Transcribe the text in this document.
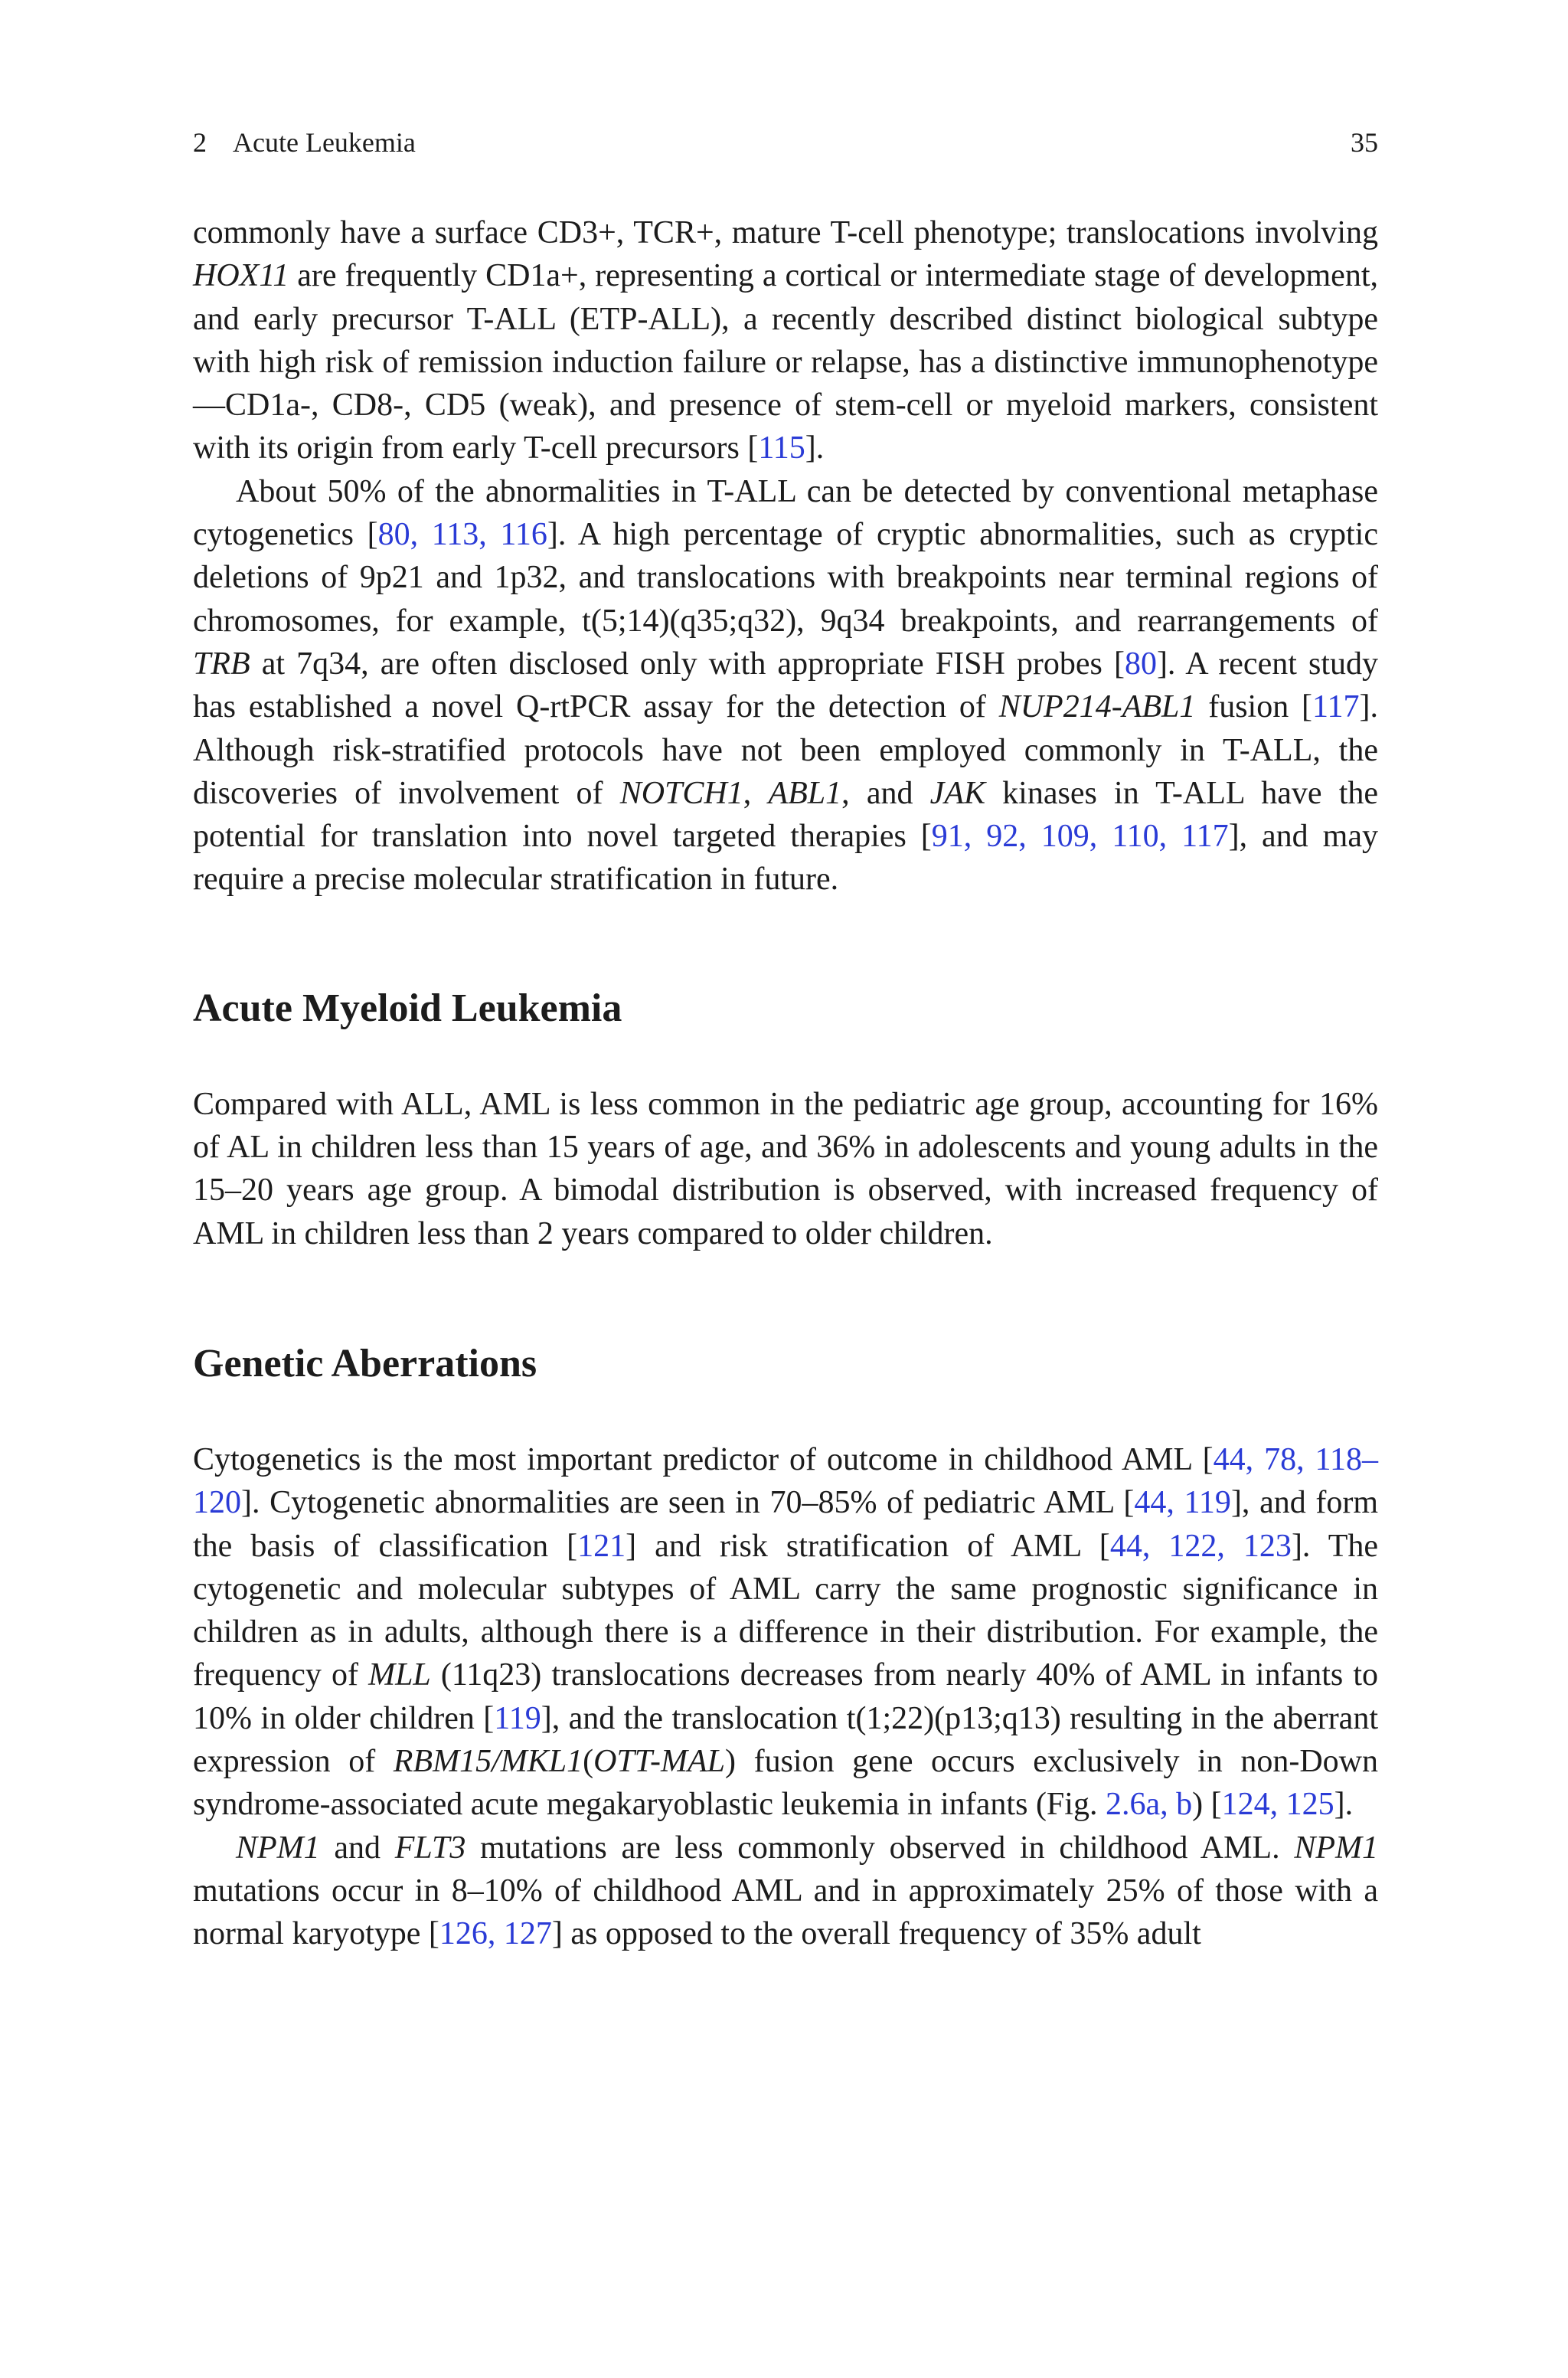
2 Acute Leukemia	35

commonly have a surface CD3+, TCR+, mature T-cell phenotype; translocations involving HOX11 are frequently CD1a+, representing a cortical or intermediate stage of development, and early precursor T-ALL (ETP-ALL), a recently described distinct biological subtype with high risk of remission induction failure or relapse, has a distinctive immunophenotype—CD1a-, CD8-, CD5 (weak), and presence of stem-cell or myeloid markers, consistent with its origin from early T-cell precursors [115].

About 50% of the abnormalities in T-ALL can be detected by conventional metaphase cytogenetics [80, 113, 116]. A high percentage of cryptic abnormalities, such as cryptic deletions of 9p21 and 1p32, and translocations with breakpoints near terminal regions of chromosomes, for example, t(5;14)(q35;q32), 9q34 breakpoints, and rearrangements of TRB at 7q34, are often disclosed only with appropriate FISH probes [80]. A recent study has established a novel Q-rtPCR assay for the detection of NUP214-ABL1 fusion [117]. Although risk-stratified protocols have not been employed commonly in T-ALL, the discoveries of involvement of NOTCH1, ABL1, and JAK kinases in T-ALL have the potential for translation into novel targeted therapies [91, 92, 109, 110, 117], and may require a precise molecular stratification in future.

Acute Myeloid Leukemia

Compared with ALL, AML is less common in the pediatric age group, accounting for 16% of AL in children less than 15 years of age, and 36% in adolescents and young adults in the 15–20 years age group. A bimodal distribution is observed, with increased frequency of AML in children less than 2 years compared to older children.

Genetic Aberrations

Cytogenetics is the most important predictor of outcome in childhood AML [44, 78, 118–120]. Cytogenetic abnormalities are seen in 70–85% of pediatric AML [44, 119], and form the basis of classification [121] and risk stratification of AML [44, 122, 123]. The cytogenetic and molecular subtypes of AML carry the same prognostic significance in children as in adults, although there is a difference in their distribution. For example, the frequency of MLL (11q23) translocations decreases from nearly 40% of AML in infants to 10% in older children [119], and the translocation t(1;22)(p13;q13) resulting in the aberrant expression of RBM15/MKL1(OTT-MAL) fusion gene occurs exclusively in non-Down syndrome-associated acute megakaryoblastic leukemia in infants (Fig. 2.6a, b) [124, 125].

NPM1 and FLT3 mutations are less commonly observed in childhood AML. NPM1 mutations occur in 8–10% of childhood AML and in approximately 25% of those with a normal karyotype [126, 127] as opposed to the overall frequency of 35% adult
